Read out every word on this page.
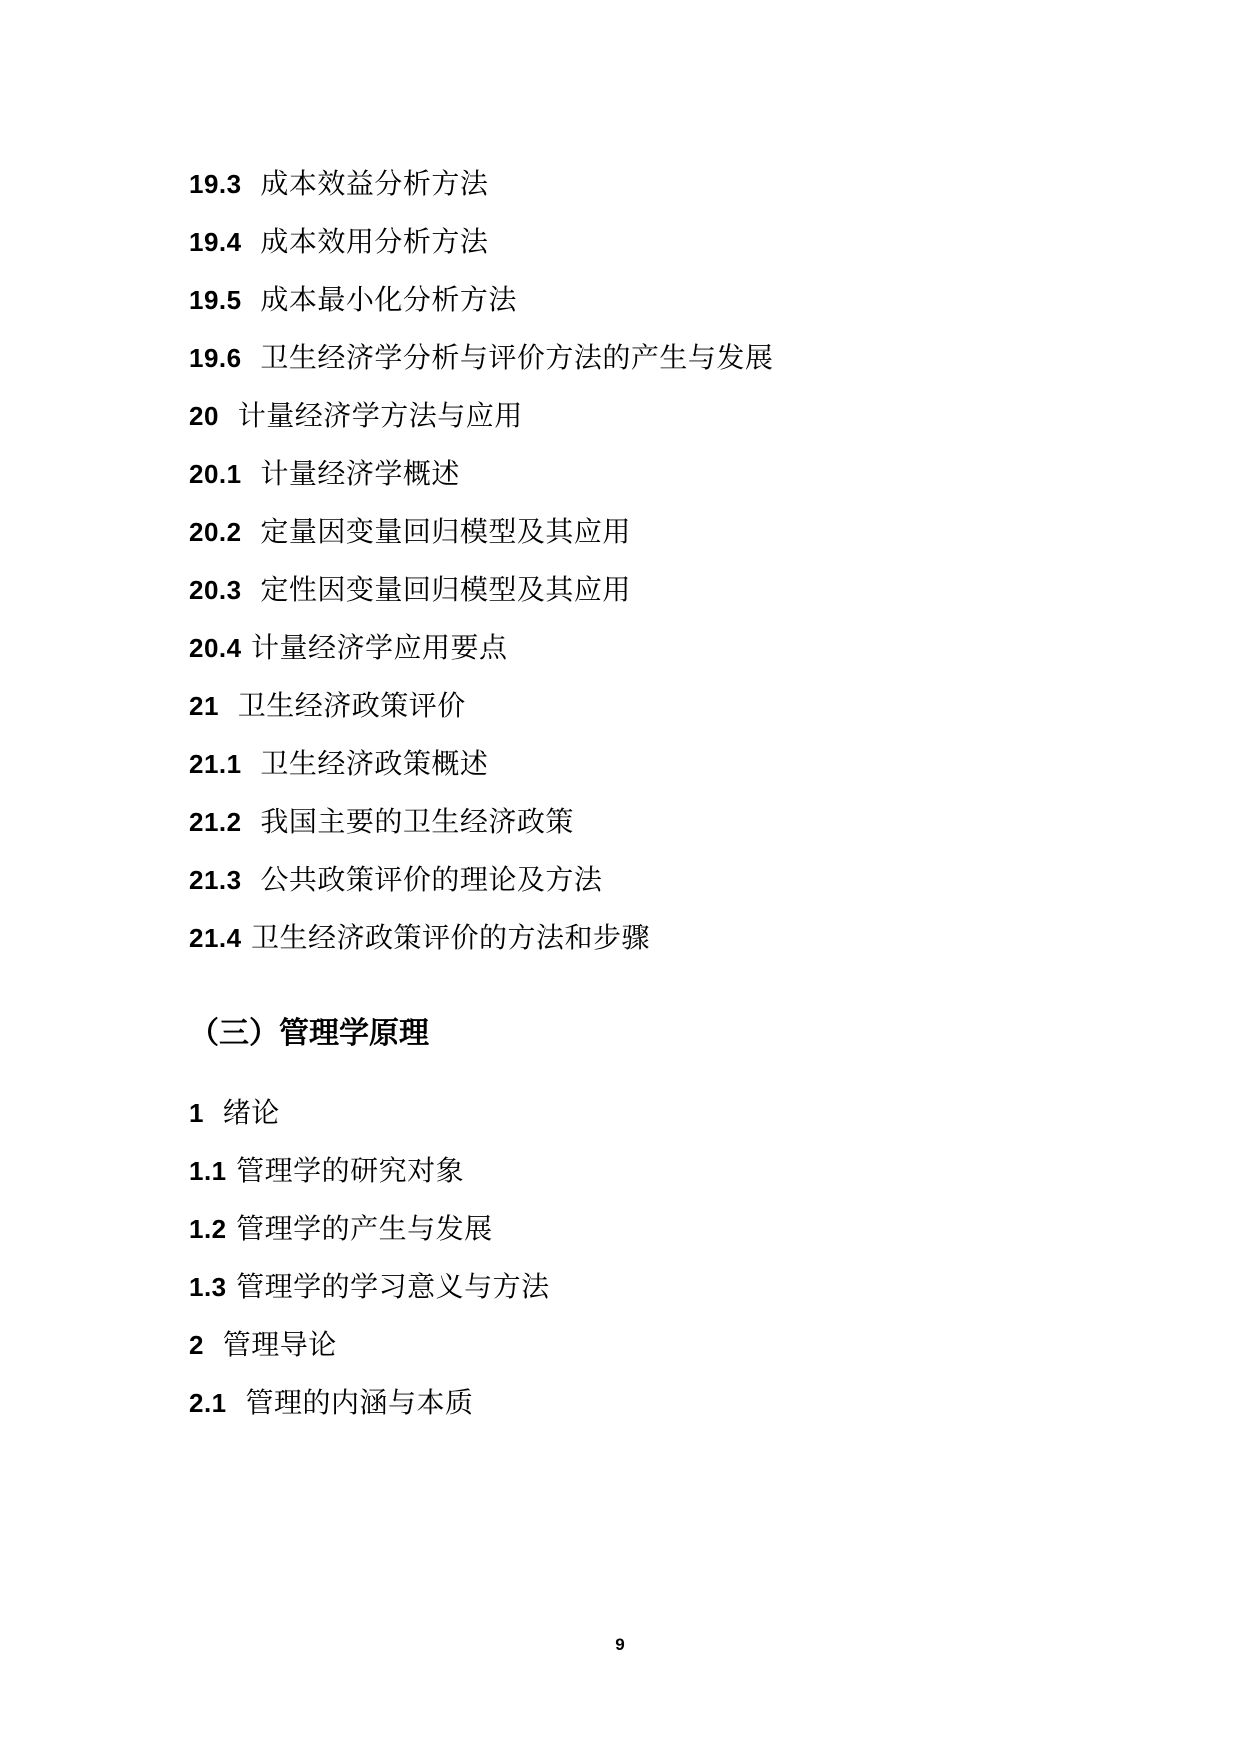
19.3 成本效益分析方法
19.4 成本效用分析方法
19.5 成本最小化分析方法
19.6 卫生经济学分析与评价方法的产生与发展
20 计量经济学方法与应用
20.1 计量经济学概述
20.2 定量因变量回归模型及其应用
20.3 定性因变量回归模型及其应用
20.4 计量经济学应用要点
21 卫生经济政策评价
21.1 卫生经济政策概述
21.2 我国主要的卫生经济政策
21.3 公共政策评价的理论及方法
21.4 卫生经济政策评价的方法和步骤
（三）管理学原理
1 绪论
1.1 管理学的研究对象
1.2 管理学的产生与发展
1.3 管理学的学习意义与方法
2 管理导论
2.1 管理的内涵与本质
9
